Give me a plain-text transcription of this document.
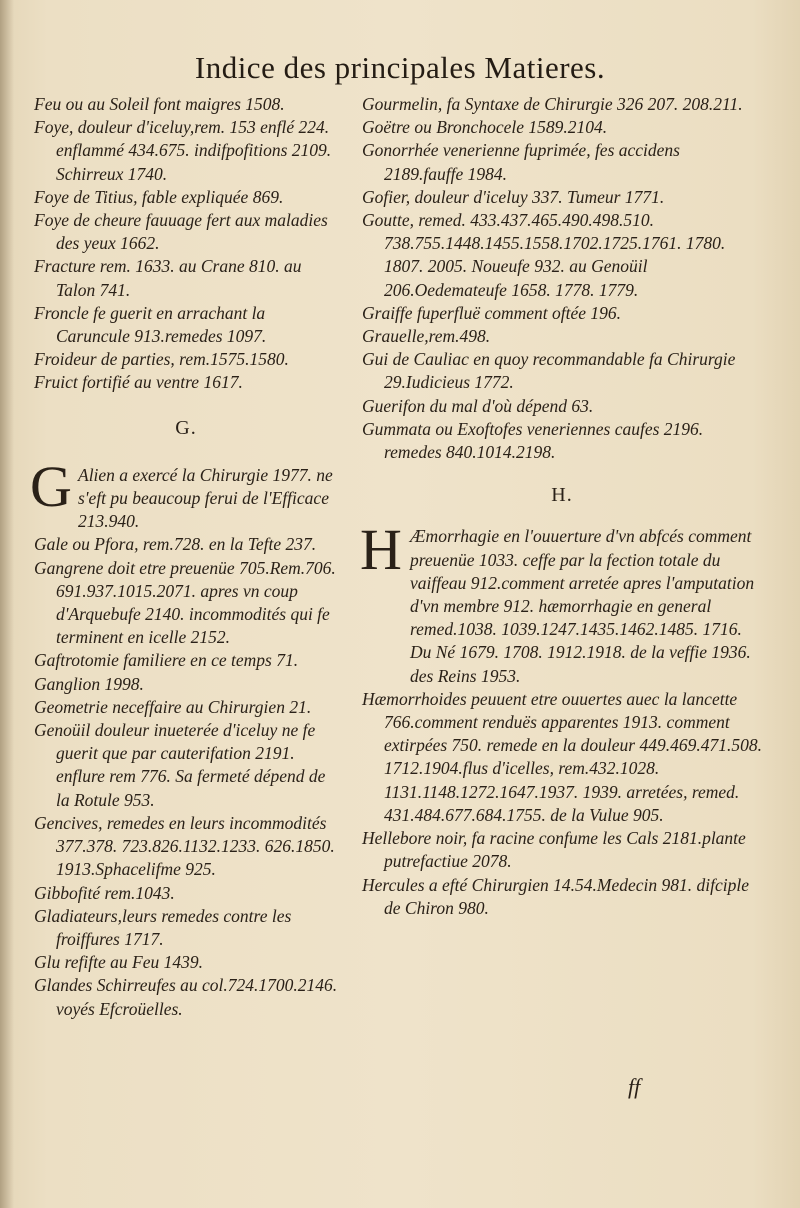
Indice des principales Matieres.

Feu ou au Soleil font maigres 1508.

Foye, douleur d'iceluy,rem. 153 enflé 224. enflammé 434.675. indifpofitions 2109. Schirreux 1740.

Foye de Titius, fable expliquée 869.

Foye de cheure fauuage fert aux maladies des yeux 1662.

Fracture rem. 1633. au Crane 810. au Talon 741.

Froncle fe guerit en arrachant la Caruncule 913.remedes 1097.

Froideur de parties, rem.1575.1580.

Fruict fortifié au ventre 1617.

G.

G Alien a exercé la Chirurgie 1977. ne s'eft pu beaucoup ferui de l'Efficace 213.940.

Gale ou Pfora, rem.728. en la Tefte 237.

Gangrene doit etre preuenüe 705.Rem.706. 691.937.1015.2071. apres vn coup d'Arquebufe 2140. incommodités qui fe terminent en icelle 2152.

Gaftrotomie familiere en ce temps 71.

Ganglion 1998.

Geometrie neceffaire au Chirurgien 21.

Genoüil douleur inueterée d'iceluy ne fe guerit que par cauterifation 2191. enflure rem 776. Sa fermeté dépend de la Rotule 953.

Gencives, remedes en leurs incommodités 377.378. 723.826.1132.1233. 626.1850. 1913.Sphacelifme 925.

Gibbofité rem.1043.

Gladiateurs,leurs remedes contre les froiffures 1717.

Glu refifte au Feu 1439.

Glandes Schirreufes au col.724.1700.2146. voyés Efcroüelles.

Gourmelin, fa Syntaxe de Chirurgie 326 207. 208.211.

Goëtre ou Bronchocele 1589.2104.

Gonorrhée venerienne fuprimée, fes accidens 2189.fauffe 1984.

Gofier, douleur d'iceluy 337. Tumeur 1771.

Goutte, remed. 433.437.465.490.498.510. 738.755.1448.1455.1558.1702.1725.1761. 1780. 1807. 2005. Noueufe 932. au Genoüil 206.Oedemateufe 1658. 1778. 1779.

Graiffe fuperfluë comment oftée 196.

Grauelle,rem.498.

Gui de Cauliac en quoy recommandable fa Chirurgie 29.Iudicieus 1772.

Guerifon du mal d'où dépend 63.

Gummata ou Exoftofes veneriennes caufes 2196. remedes 840.1014.2198.

H.

H Æmorrhagie en l'ouuerture d'vn abfcés comment preuenüe 1033. ceffe par la fection totale du vaiffeau 912.comment arretée apres l'amputation d'vn membre 912. hæmorrhagie en general remed.1038. 1039.1247.1435.1462.1485. 1716. Du Né 1679. 1708. 1912.1918. de la veffie 1936. des Reins 1953.

Hæmorrhoides peuuent etre ouuertes auec la lancette 766.comment renduës apparentes 1913. comment extirpées 750. remede en la douleur 449.469.471.508. 1712.1904.flus d'icelles, rem.432.1028. 1131.1148.1272.1647.1937. 1939. arretées, remed. 431.484.677.684.1755. de la Vulue 905.

Hellebore noir, fa racine confume les Cals 2181.plante putrefactiue 2078.

Hercules a efté Chirurgien 14.54.Medecin 981. difciple de Chiron 980.

ff
